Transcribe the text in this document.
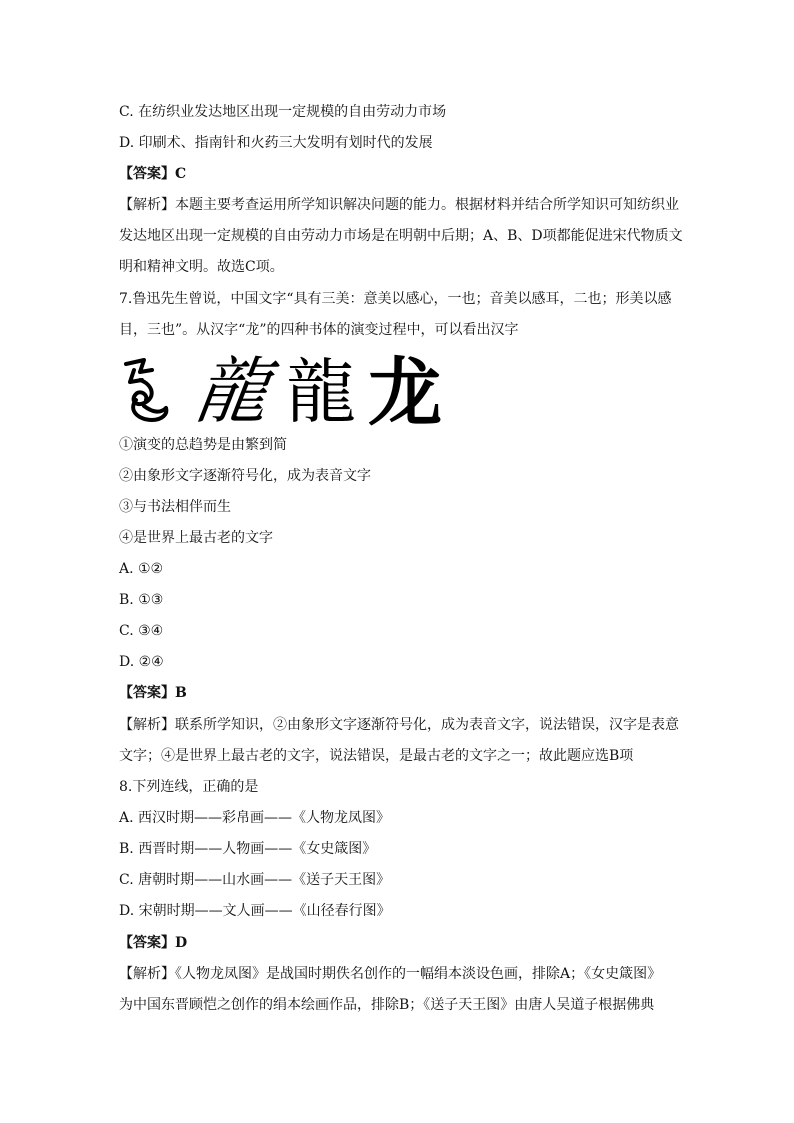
C. 在纺织业发达地区出现一定规模的自由劳动力市场
D. 印刷术、指南针和火药三大发明有划时代的发展
【答案】C
【解析】本题主要考查运用所学知识解决问题的能力。根据材料并结合所学知识可知纺织业
发达地区出现一定规模的自由劳动力市场是在明朝中后期；A、B、D项都能促进宋代物质文
明和精神文明。故选C项。
7.鲁迅先生曾说，中国文字“具有三美：意美以感心，一也；音美以感耳，二也；形美以感
目，三也”。从汉字“龙”的四种书体的演变过程中，可以看出汉字
龍 龍 龙
①演变的总趋势是由繁到简
②由象形文字逐渐符号化，成为表音文字
③与书法相伴而生
④是世界上最古老的文字
A. ①②
B. ①③
C. ③④
D. ②④
【答案】B
【解析】联系所学知识，②由象形文字逐渐符号化，成为表音文字，说法错误，汉字是表意
文字；④是世界上最古老的文字，说法错误，是最古老的文字之一；故此题应选B项
8.下列连线，正确的是
A. 西汉时期——彩帛画——《人物龙凤图》
B. 西晋时期——人物画——《女史箴图》
C. 唐朝时期——山水画——《送子天王图》
D. 宋朝时期——文人画——《山径春行图》
【答案】D
【解析】《人物龙凤图》是战国时期佚名创作的一幅绢本淡设色画，排除A；《女史箴图》
为中国东晋顾恺之创作的绢本绘画作品，排除B；《送子天王图》由唐人吴道子根据佛典
